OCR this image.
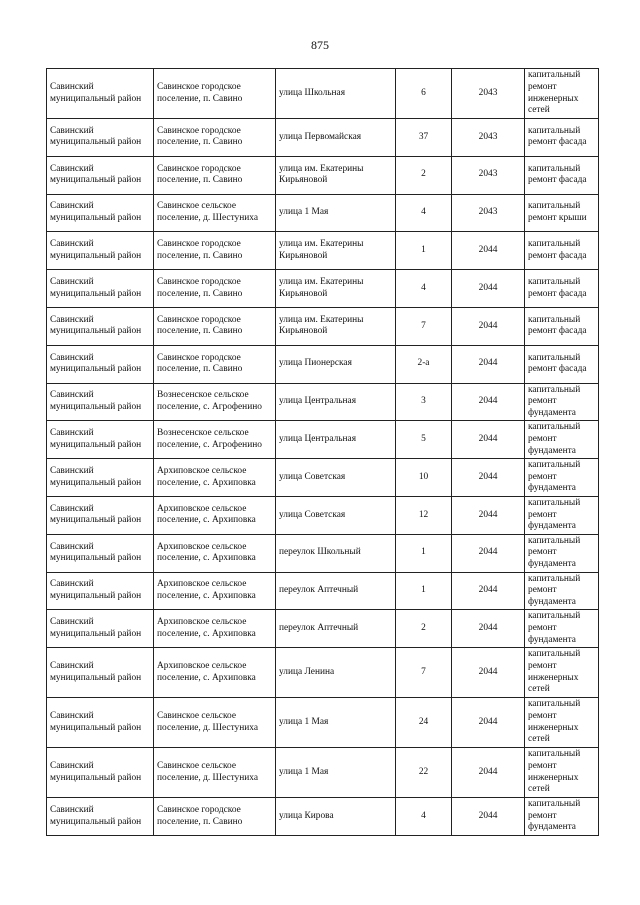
875
Савинский муниципальный район	Савинское городское поселение, п. Савино	улица Школьная	6	2043	капитальный ремонт инженерных сетей
Савинский муниципальный район	Савинское городское поселение, п. Савино	улица Первомайская	37	2043	капитальный ремонт фасада
Савинский муниципальный район	Савинское городское поселение, п. Савино	улица им. Екатерины Кирьяновой	2	2043	капитальный ремонт фасада
Савинский муниципальный район	Савинское сельское поселение, д. Шестуниха	улица 1 Мая	4	2043	капитальный ремонт крыши
Савинский муниципальный район	Савинское городское поселение, п. Савино	улица им. Екатерины Кирьяновой	1	2044	капитальный ремонт фасада
Савинский муниципальный район	Савинское городское поселение, п. Савино	улица им. Екатерины Кирьяновой	4	2044	капитальный ремонт фасада
Савинский муниципальный район	Савинское городское поселение, п. Савино	улица им. Екатерины Кирьяновой	7	2044	капитальный ремонт фасада
Савинский муниципальный район	Савинское городское поселение, п. Савино	улица Пионерская	2-а	2044	капитальный ремонт фасада
Савинский муниципальный район	Вознесенское сельское поселение, с. Агрофенино	улица Центральная	3	2044	капитальный ремонт фундамента
Савинский муниципальный район	Вознесенское сельское поселение, с. Агрофенино	улица Центральная	5	2044	капитальный ремонт фундамента
Савинский муниципальный район	Архиповское сельское поселение, с. Архиповка	улица Советская	10	2044	капитальный ремонт фундамента
Савинский муниципальный район	Архиповское сельское поселение, с. Архиповка	улица Советская	12	2044	капитальный ремонт фундамента
Савинский муниципальный район	Архиповское сельское поселение, с. Архиповка	переулок Школьный	1	2044	капитальный ремонт фундамента
Савинский муниципальный район	Архиповское сельское поселение, с. Архиповка	переулок Аптечный	1	2044	капитальный ремонт фундамента
Савинский муниципальный район	Архиповское сельское поселение, с. Архиповка	переулок Аптечный	2	2044	капитальный ремонт фундамента
Савинский муниципальный район	Архиповское сельское поселение, с. Архиповка	улица Ленина	7	2044	капитальный ремонт инженерных сетей
Савинский муниципальный район	Савинское сельское поселение, д. Шестуниха	улица 1 Мая	24	2044	капитальный ремонт инженерных сетей
Савинский муниципальный район	Савинское сельское поселение, д. Шестуниха	улица 1 Мая	22	2044	капитальный ремонт инженерных сетей
Савинский муниципальный район	Савинское городское поселение, п. Савино	улица Кирова	4	2044	капитальный ремонт фундамента
